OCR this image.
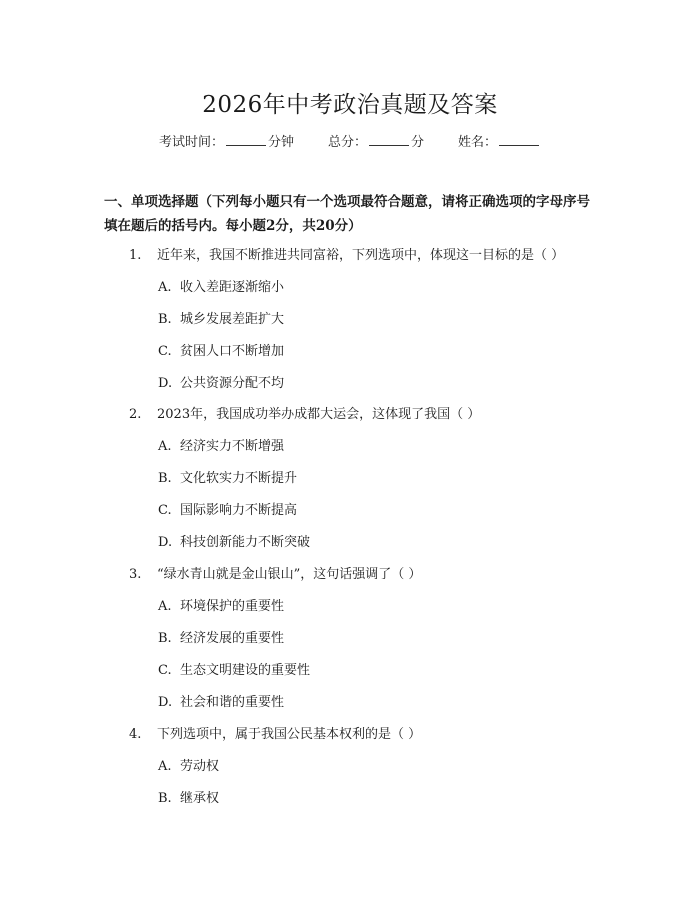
2026年中考政治真题及答案
考试时间：	分钟	总分：	分	姓名：
一、单项选择题（下列每小题只有一个选项最符合题意，请将正确选项的字母序号填在题后的括号内。每小题2分，共20分）
1. 近年来，我国不断推进共同富裕，下列选项中，体现这一目标的是（ ）
A. 收入差距逐渐缩小
B. 城乡发展差距扩大
C. 贫困人口不断增加
D. 公共资源分配不均
2. 2023年，我国成功举办成都大运会，这体现了我国（ ）
A. 经济实力不断增强
B. 文化软实力不断提升
C. 国际影响力不断提高
D. 科技创新能力不断突破
3. “绿水青山就是金山银山”，这句话强调了（ ）
A. 环境保护的重要性
B. 经济发展的重要性
C. 生态文明建设的重要性
D. 社会和谐的重要性
4. 下列选项中，属于我国公民基本权利的是（ ）
A. 劳动权
B. 继承权
